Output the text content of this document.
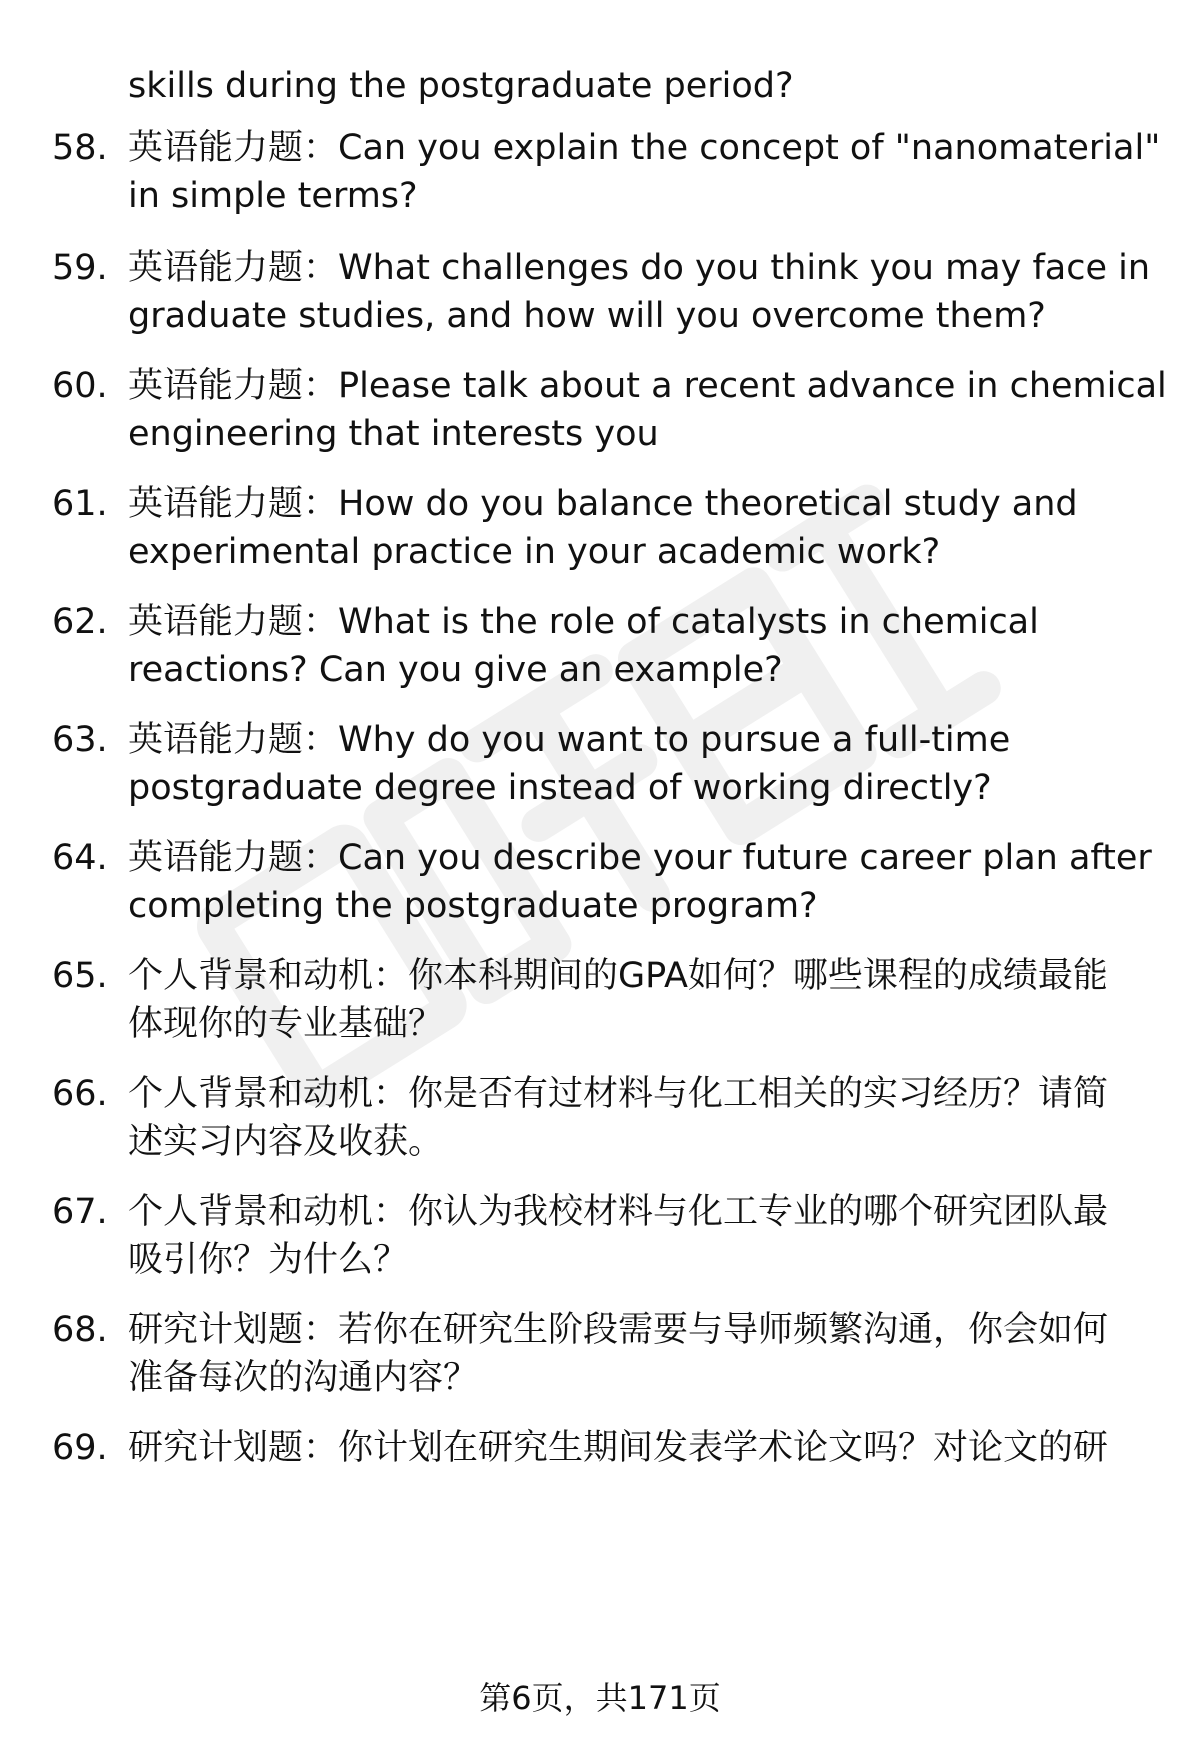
skills during the postgraduate period?
58. 英语能力题：Can you explain the concept of "nanomaterial"
in simple terms?
59. 英语能力题：What challenges do you think you may face in
graduate studies, and how will you overcome them?
60. 英语能力题：Please talk about a recent advance in chemical
engineering that interests you
61. 英语能力题：How do you balance theoretical study and
experimental practice in your academic work?
62. 英语能力题：What is the role of catalysts in chemical
reactions? Can you give an example?
63. 英语能力题：Why do you want to pursue a full-time
postgraduate degree instead of working directly?
64. 英语能力题：Can you describe your future career plan after
completing the postgraduate program?
65. 个人背景和动机：你本科期间的GPA如何？哪些课程的成绩最能
体现你的专业基础？
66. 个人背景和动机：你是否有过材料与化工相关的实习经历？请简
述实习内容及收获。
67. 个人背景和动机：你认为我校材料与化工专业的哪个研究团队最
吸引你？为什么？
68. 研究计划题：若你在研究生阶段需要与导师频繁沟通，你会如何
准备每次的沟通内容？
69. 研究计划题：你计划在研究生期间发表学术论文吗？对论文的研
第6页，共171页
